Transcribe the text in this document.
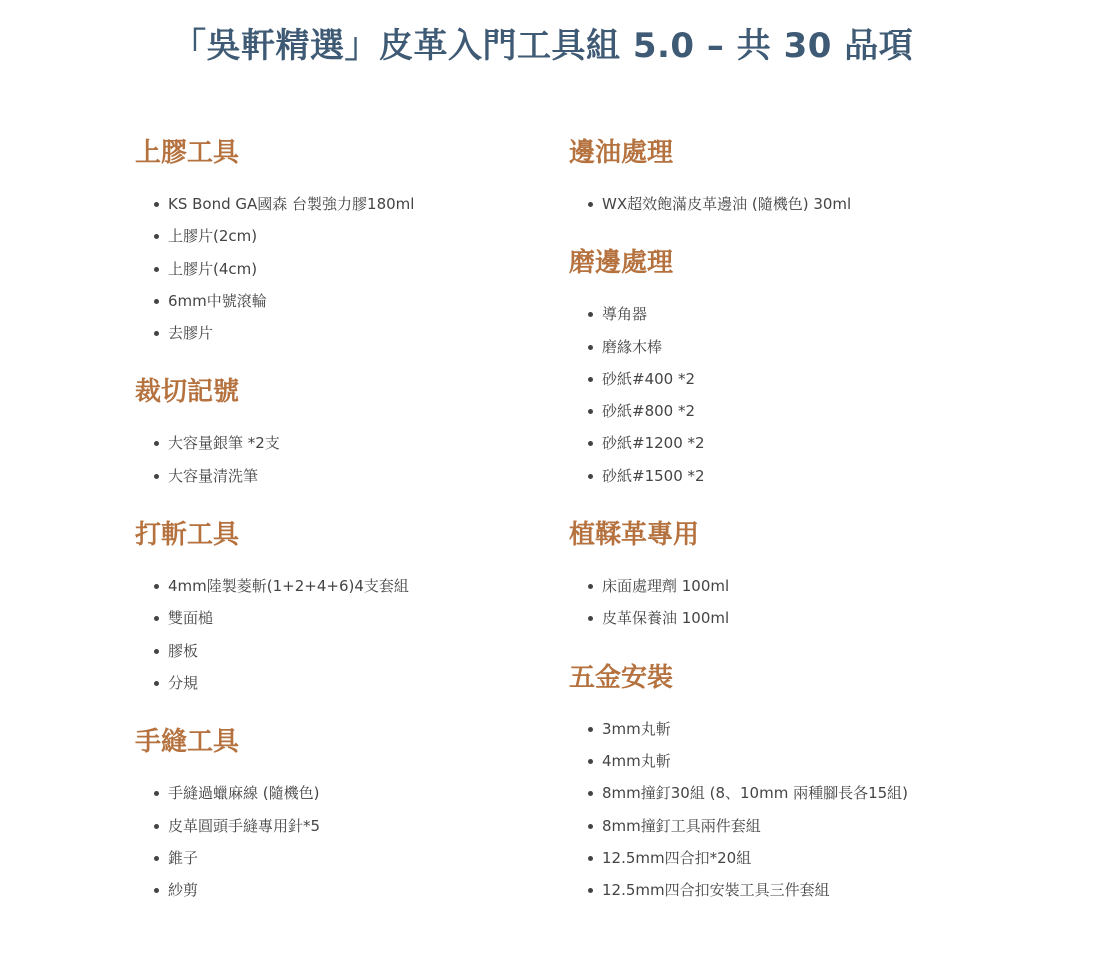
「吳軒精選」皮革入門工具組 5.0 – 共 30 品項
上膠工具
KS Bond GA國森 台製強力膠180ml
上膠片(2cm)
上膠片(4cm)
6mm中號滾輪
去膠片
裁切記號
大容量銀筆 *2支
大容量清洗筆
打斬工具
4mm陸製菱斬(1+2+4+6)4支套組
雙面槌
膠板
分規
手縫工具
手縫過蠟麻線 (隨機色)
皮革圓頭手縫專用針*5
錐子
紗剪
邊油處理
WX超效飽滿皮革邊油 (隨機色) 30ml
磨邊處理
導角器
磨緣木棒
砂紙#400 *2
砂紙#800 *2
砂紙#1200 *2
砂紙#1500 *2
植鞣革專用
床面處理劑 100ml
皮革保養油 100ml
五金安裝
3mm丸斬
4mm丸斬
8mm撞釘30組 (8、10mm 兩種腳長各15組)
8mm撞釘工具兩件套組
12.5mm四合扣*20組
12.5mm四合扣安裝工具三件套組
